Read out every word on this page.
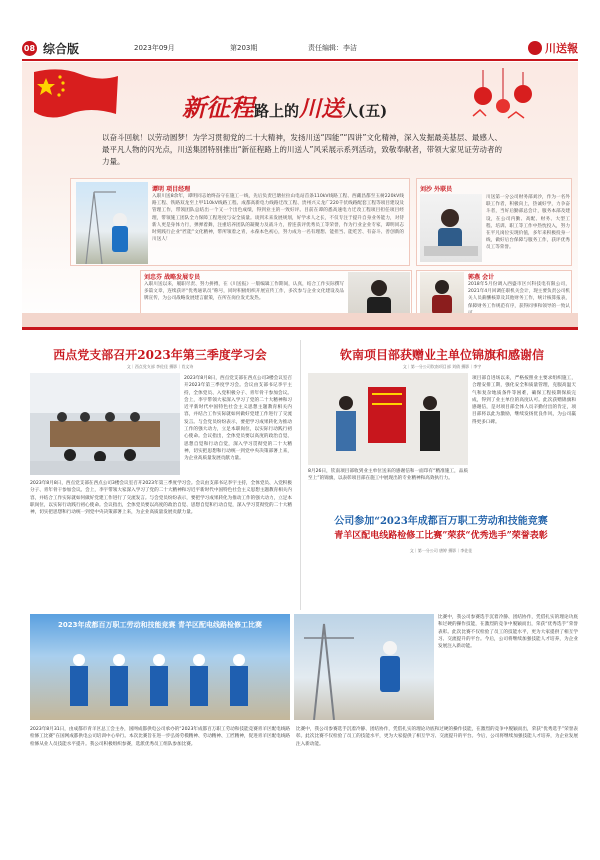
08 综合版	2023年09月	第203期	责任编辑：李洁	川送報
新征程 路上的 川送 人 (五)
以奋斗回航！以劳动圆梦！为学习贯彻党的二十大精神，发扬川送“四能”“四讲”文化精神，深入发掘最美基层、最感人、最平凡人物的闪光点，川送集团特别推出“新征程路上的川送人”风采展示系列活动，致敬奉献者，带领大家见证劳动者的力量。
谭明 项目经理
入职川送8余年，谭明同志始终奋守在施工一线，先后负责巴塘拉拉山电站首条110kV线路工程、西藏昌都至玉树220kV线路工程、铁路双龙至上甲110kV线路工程、成都高新电力线路迁改工程、贵州兴义龙广220千伏线路配套工程等项目建设及管理工作，带领团队总结出一个又一个出色成绩，得到业主的一致好评。目前在谭的悉高速电力迁改工程项目担任项目经理，带领施工团队全力保障工程进度与安全质量。谈到未来发展规划，好学求人之长，不仅专注于提升自身业务能力，对待新人更是身体力行，弹弹着舞，注重培养团队的凝聚力及战斗力，曾连获评优秀员工等荣誉，作为行业企业专家，谭明同志时刻践行企业“匠能”文化精神，带所领着之青，永葆本色初心，努力成为一名有理想、能担当、能吃苦、有奋斗、善创新的川送人！
刘沙 外联员
川送第一分公司财务部刘沙，作为一名外联工作者，积极向上，热诚好学，力争奋斗者，当好后勤部总会计，服务本部及建设，在公司内勤、高配、财务、大型工程、培训、职工等工作中热忱投入，努力在平凡岗位实现价值，多年来积极投身一线，做好后台保障与服务工作，获评优秀员工等荣誉。
刘忠芬 战略发展专员
入职川送以来，履职尽责、努力拼搏，在《川送报》一版编辑工作期间，认真，结合工作实际撰写多篇文章，连续获评“优秀通讯员”称号，同时积极组织开展宣传工作，多次参与企业文化建设及品牌宣传，为公司战略发展建言献策，在所在岗位发光发热。
郭燕 会计
2018年5月份调入西盛市区兴科技电有限公司，2021年4月回调任职机关会计，现主要负责公司机关人员薪酬核算及其他财务工作，统计核算报表，保障财务工作规范有序，获得同事和领导的一致认
西点党支部召开2023年第三季度学习会
文｜西点党支部 李佐佳 摄影｜肖文诗
2023年8月8日，西点党支部在西点公司3楼会议室召开2023年第三季度学习会。会议由支部书记李宇主持，全体党员、入党积极分子、青年骨干参加会议。会上，李宇带领大家深入学习了党的二十大精神和习近平新时代中国特色社会主义思想主题教育相关内容，并结合工作实际就如何做好党建工作进行了交流发言。与会党员纷纷表示，要把学习成果转化为推动工作的强大动力，立足本职岗位，以实际行动践行初心使命。会议指出，全体党员要以高度的政治自觉、思想自觉和行动自觉，深入学习贯彻党的二十大精神，切实把思想和行动统一到党中央决策部署上来，为企业高质量发展贡献力量。
2023年8月8日，西点党支部在西点公司3楼会议室召开2023年第三季度学习会。会议由支部书记李宇主持，全体党员、入党积极分子、青年骨干参加会议。会上，李宇带领大家深入学习了党的二十大精神和习近平新时代中国特色社会主义思想主题教育相关内容，并结合工作实际就如何做好党建工作进行了交流发言。与会党员纷纷表示，要把学习成果转化为推动工作的强大动力，立足本职岗位，以实际行动践行初心使命。会议指出，全体党员要以高度的政治自觉、思想自觉和行动自觉，深入学习贯彻党的二十大精神，切实把思想和行动统一到党中央决策部署上来，为企业高质量发展贡献力量。
钦南项目部获赠业主单位锦旗和感谢信
文｜第一分公司钦南项目部 刘倩 摄影｜李宇
项目部自进场以来，严格按照业主要求组织施工，合理安排工期，强化安全和质量管理，克服高温天气和复杂地质条件等困难，确保工程按期保质完成，得到了业主单位的高度认可。此次获赠锦旗和感谢信，是对项目部全体人员辛勤付出的肯定，项目部将以此为激励，继续发扬优良作风，为公司赢得更多口碑。
8月26日，钦南项目部收到业主单位送来的感谢信和一面印有“精准施工，品质至上”的锦旗，以表彰项目部在施工中展现出的专业精神和高效执行力。
公司参加“2023年成都百万职工劳动和技能竞赛
青羊区配电线路检修工比赛”荣获“优秀选手”荣誉表彰
文｜第一分公司 唐婷 摄影｜李佐佳
2023年成都百万职工劳动和技能竞赛 青羊区配电线路检修工比赛
比赛中，我公司参赛选手沉着冷静、团结协作，凭借扎实的理论功底和过硬的操作技能，在激烈的竞争中脱颖而出，荣获“优秀选手”荣誉表彰。此次比赛不仅检验了员工的技能水平，更为大家提供了相互学习、交流提升的平台。今后，公司将继续加强技能人才培养，为企业发展注入新动能。
2023年8月31日，由成都市青羊区总工会主办，国网成都供电公司承办的“2023年成都百万职工劳动和技能竞赛青羊区配电线路检修工比赛”在国网成都供电公司培训中心举行。本次比赛旨在进一步弘扬劳模精神、劳动精神、工匠精神，促进青羊区配电线路检修从业人员技能水平提升。我公司积极组织参赛，选派优秀员工组队参加比赛。
比赛中，我公司参赛选手沉着冷静、团结协作，凭借扎实的理论功底和过硬的操作技能，在激烈的竞争中脱颖而出，荣获“优秀选手”荣誉表彰。此次比赛不仅检验了员工的技能水平，更为大家提供了相互学习、交流提升的平台。今后，公司将继续加强技能人才培养，为企业发展注入新动能。
